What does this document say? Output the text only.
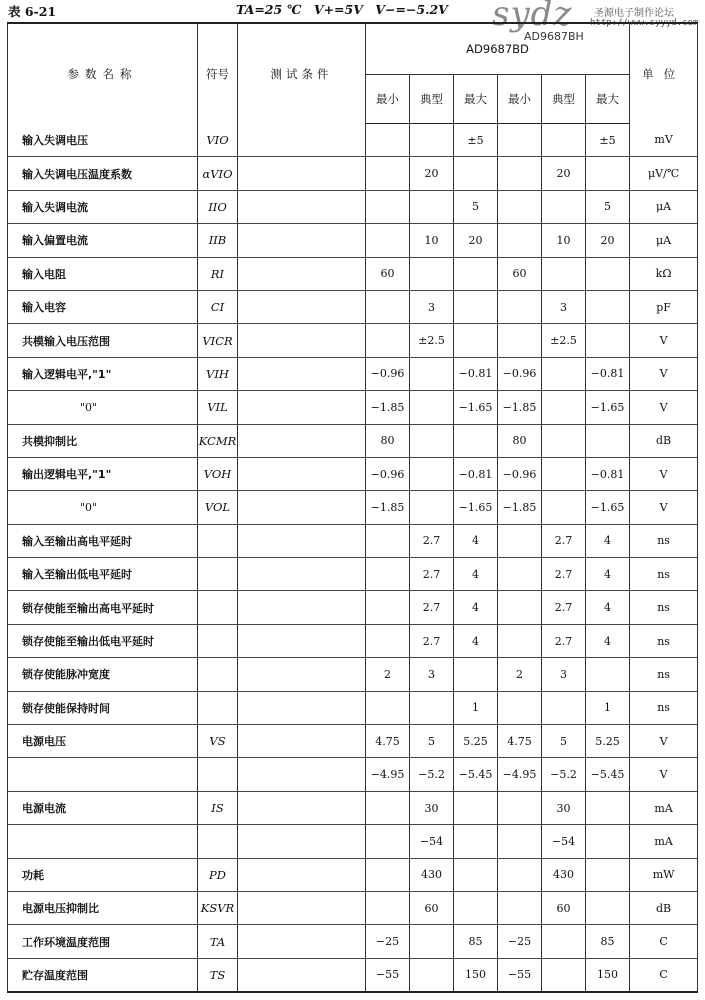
表 6-21	TA=25 ℃ V+=5V V−=−5.2V sydz 圣源电子制作论坛
http://www.syyyd.com
AD9687BH
参数名称	符号	测试条件	AD9687BD						单位
			最小	典型	最大	最小	典型	最大	
输入失调电压	VIO				±5			±5	mV
输入失调电压温度系数	αVIO			20			20		μV/℃
输入失调电流	IIO				5			5	μA
输入偏置电流	IIB			10	20		10	20	μA
输入电阻	RI		60			60			kΩ
输入电容	CI			3			3		pF
共模输入电压范围	VICR			±2.5			±2.5		V
输入逻辑电平,"1"	VIH		−0.96		−0.81	−0.96		−0.81	V
"0"	VIL		−1.85		−1.65	−1.85		−1.65	V
共模抑制比	KCMR		80			80			dB
输出逻辑电平,"1"	VOH		−0.96		−0.81	−0.96		−0.81	V
"0"	VOL		−1.85		−1.65	−1.85		−1.65	V
输入至输出高电平延时				2.7	4		2.7	4	ns
输入至输出低电平延时				2.7	4		2.7	4	ns
锁存使能至输出高电平延时				2.7	4		2.7	4	ns
锁存使能至输出低电平延时				2.7	4		2.7	4	ns
锁存使能脉冲宽度			2	3		2	3		ns
锁存使能保持时间					1			1	ns
电源电压	VS		4.75	5	5.25	4.75	5	5.25	V
			−4.95	−5.2	−5.45	−4.95	−5.2	−5.45	V
电源电流	IS			30			30		mA
				−54			−54		mA
功耗	PD			430			430		mW
电源电压抑制比	KSVR			60			60		dB
工作环境温度范围	TA		−25		85	−25		85	C
贮存温度范围	TS		−55		150	−55		150	C
